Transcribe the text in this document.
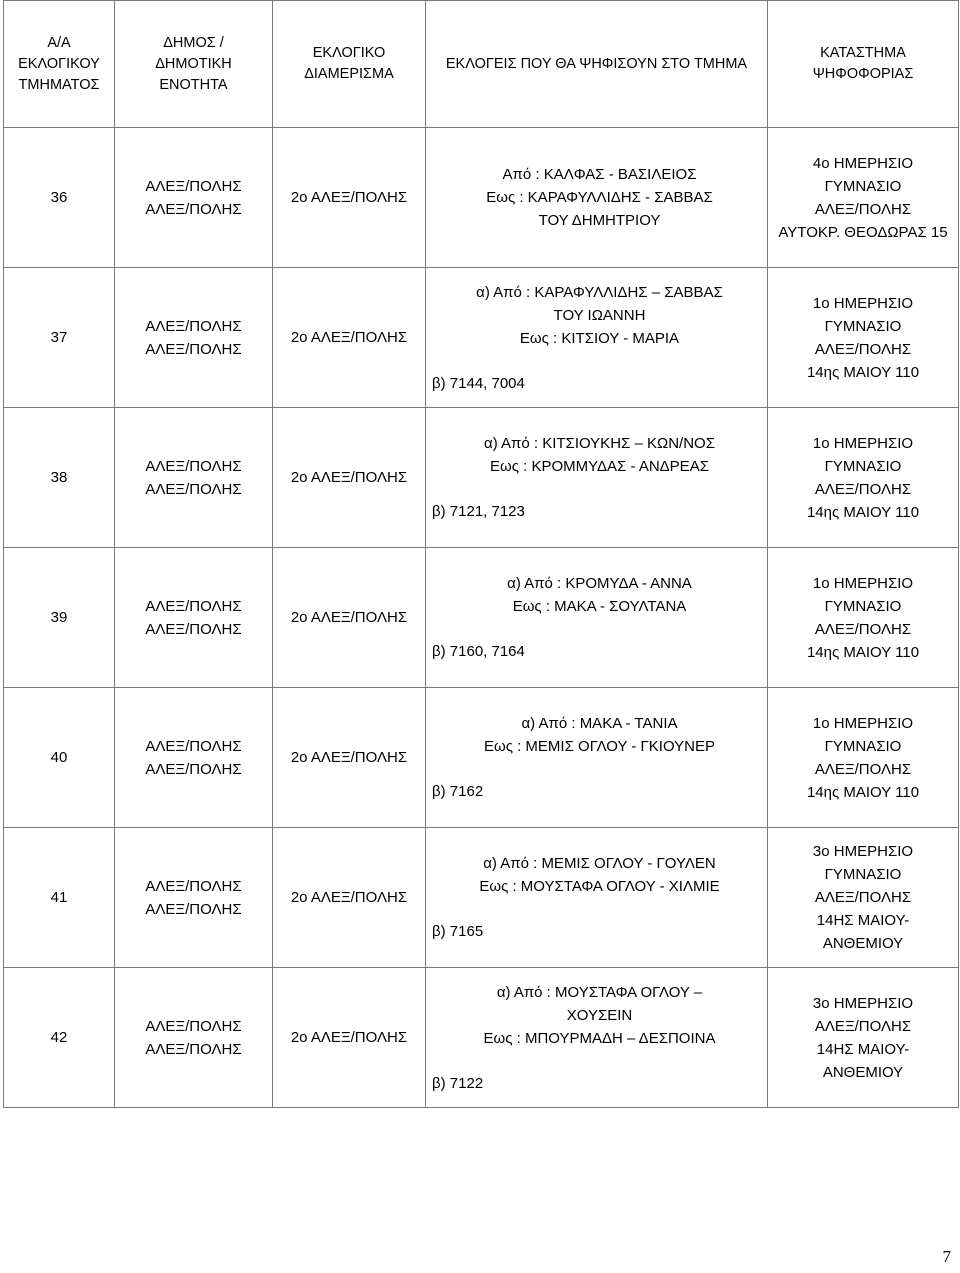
Α/Α
ΕΚΛΟΓΙΚΟΥ
ΤΜΗΜΑΤΟΣ	ΔΗΜΟΣ /
ΔΗΜΟΤΙΚΗ
ΕΝΟΤΗΤΑ	ΕΚΛΟΓΙΚΟ
ΔΙΑΜΕΡΙΣΜΑ	ΕΚΛΟΓΕΙΣ ΠΟΥ ΘΑ ΨΗΦΙΣΟΥΝ ΣΤΟ ΤΜΗΜΑ	ΚΑΤΑΣΤΗΜΑ
ΨΗΦΟΦΟΡΙΑΣ

36	ΑΛΕΞ/ΠΟΛΗΣ
ΑΛΕΞ/ΠΟΛΗΣ	2ο ΑΛΕΞ/ΠΟΛΗΣ	Από : ΚΑΛΦΑΣ - ΒΑΣΙΛΕΙΟΣ
Εως : ΚΑΡΑΦΥΛΛΙΔΗΣ - ΣΑΒΒΑΣ
ΤΟΥ ΔΗΜΗΤΡΙΟΥ	4ο ΗΜΕΡΗΣΙΟ
ΓΥΜΝΑΣΙΟ
ΑΛΕΞ/ΠΟΛΗΣ
ΑΥΤΟΚΡ. ΘΕΟΔΩΡΑΣ 15

37	ΑΛΕΞ/ΠΟΛΗΣ
ΑΛΕΞ/ΠΟΛΗΣ	2ο ΑΛΕΞ/ΠΟΛΗΣ	α) Από : ΚΑΡΑΦΥΛΛΙΔΗΣ – ΣΑΒΒΑΣ
ΤΟΥ ΙΩΑΝΝΗ
Εως : ΚΙΤΣΙΟΥ - ΜΑΡΙΑ
β) 7144, 7004	1ο ΗΜΕΡΗΣΙΟ
ΓΥΜΝΑΣΙΟ
ΑΛΕΞ/ΠΟΛΗΣ
14ης ΜΑΙΟΥ 110

38	ΑΛΕΞ/ΠΟΛΗΣ
ΑΛΕΞ/ΠΟΛΗΣ	2ο ΑΛΕΞ/ΠΟΛΗΣ	α) Από : ΚΙΤΣΙΟΥΚΗΣ – ΚΩΝ/ΝΟΣ
Εως : ΚΡΟΜΜΥΔΑΣ - ΑΝΔΡΕΑΣ
β) 7121, 7123	1ο ΗΜΕΡΗΣΙΟ
ΓΥΜΝΑΣΙΟ
ΑΛΕΞ/ΠΟΛΗΣ
14ης ΜΑΙΟΥ 110

39	ΑΛΕΞ/ΠΟΛΗΣ
ΑΛΕΞ/ΠΟΛΗΣ	2ο ΑΛΕΞ/ΠΟΛΗΣ	α) Από : ΚΡΟΜΥΔΑ - ΑΝΝΑ
Εως : ΜΑΚΑ - ΣΟΥΛΤΑΝΑ
β) 7160, 7164	1ο ΗΜΕΡΗΣΙΟ
ΓΥΜΝΑΣΙΟ
ΑΛΕΞ/ΠΟΛΗΣ
14ης ΜΑΙΟΥ 110

40	ΑΛΕΞ/ΠΟΛΗΣ
ΑΛΕΞ/ΠΟΛΗΣ	2ο ΑΛΕΞ/ΠΟΛΗΣ	α) Από : ΜΑΚΑ - ΤΑΝΙΑ
Εως : ΜΕΜΙΣ ΟΓΛΟΥ - ΓΚΙΟΥΝΕΡ
β) 7162	1ο ΗΜΕΡΗΣΙΟ
ΓΥΜΝΑΣΙΟ
ΑΛΕΞ/ΠΟΛΗΣ
14ης ΜΑΙΟΥ 110

41	ΑΛΕΞ/ΠΟΛΗΣ
ΑΛΕΞ/ΠΟΛΗΣ	2ο ΑΛΕΞ/ΠΟΛΗΣ	α) Από : ΜΕΜΙΣ ΟΓΛΟΥ - ΓΟΥΛΕΝ
Εως : ΜΟΥΣΤΑΦΑ ΟΓΛΟΥ - ΧΙΛΜΙΕ
β) 7165	3ο ΗΜΕΡΗΣΙΟ
ΓΥΜΝΑΣΙΟ
ΑΛΕΞ/ΠΟΛΗΣ
14ΗΣ ΜΑΙΟΥ-
ΑΝΘΕΜΙΟΥ

42	ΑΛΕΞ/ΠΟΛΗΣ
ΑΛΕΞ/ΠΟΛΗΣ	2ο ΑΛΕΞ/ΠΟΛΗΣ	α) Από : ΜΟΥΣΤΑΦΑ ΟΓΛΟΥ –
ΧΟΥΣΕΙΝ
Εως : ΜΠΟΥΡΜΑΔΗ – ΔΕΣΠΟΙΝΑ
β) 7122	3ο ΗΜΕΡΗΣΙΟ
ΑΛΕΞ/ΠΟΛΗΣ
14ΗΣ ΜΑΙΟΥ-
ΑΝΘΕΜΙΟΥ
7
